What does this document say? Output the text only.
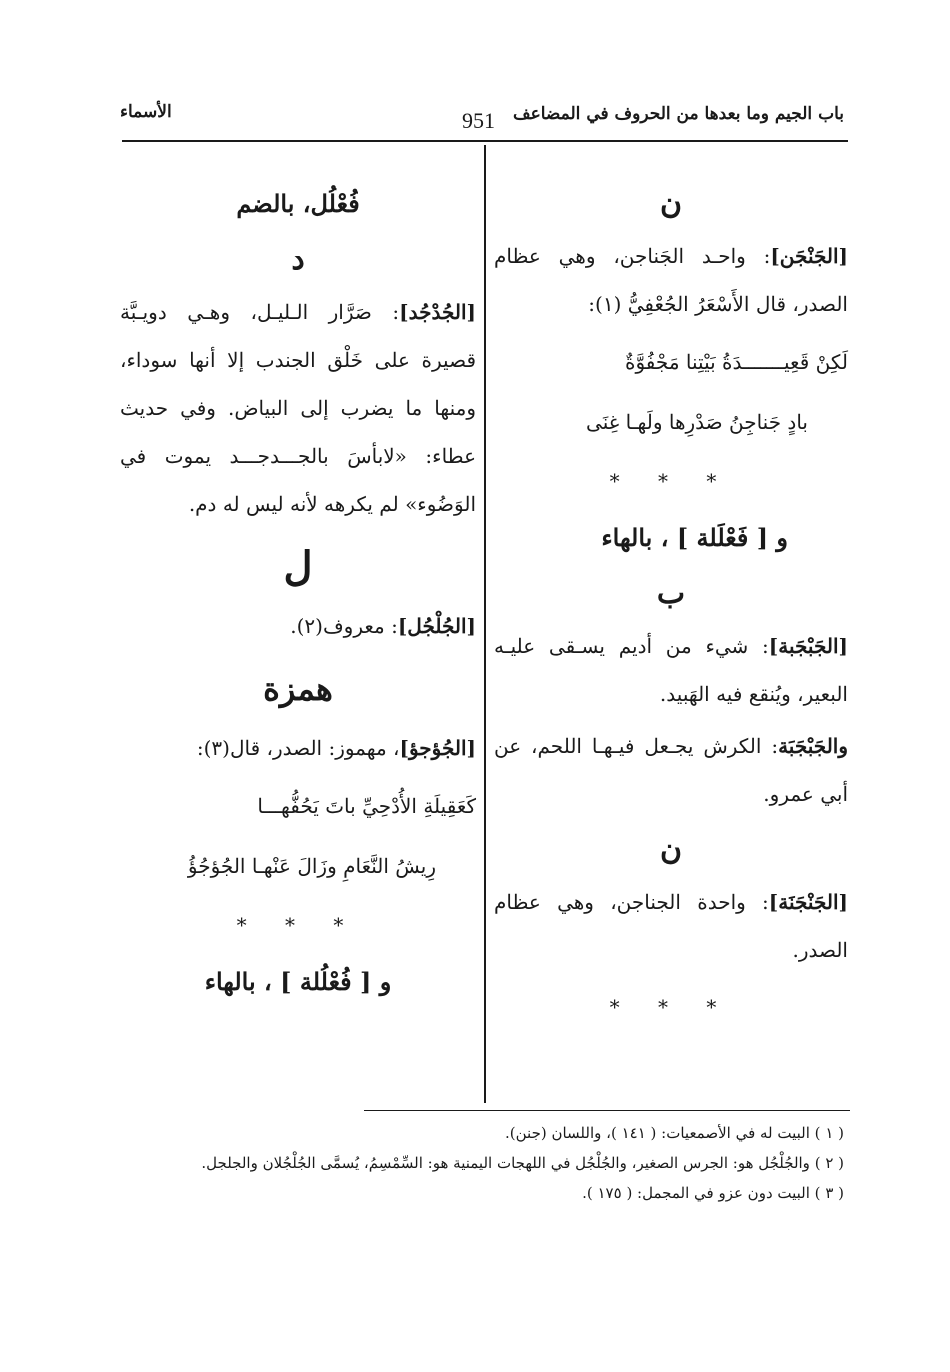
باب الجيم وما بعدها من الحروف في المضاعف
951
الأسماء
ن

[الجَنْجَن]: واحـد الجَناجن، وهي عظام الصدر، قال الأَسْعَرُ الجُعْفِيُّ (١):

لَكِنْ قَعِيـــــــدَةُ بَيْتِنا مَجْفُوَّةٌ
بادٍ جَناجِنُ صَدْرِها ولَهـا غِنَى
* * *
و [ فَعْلَلة ] ، بالهاء
ب

[الجَبْجَبة]: شيء من أديم يسـقى عليـه البعير، ويُنقع فيه الهَبيد.

والجَبْجَبَة: الكرش يجـعل فيـهـا اللحم، عن أبي عمرو.

ن

[الجَنْجَنَة]: واحدة الجناجن، وهي عظام الصدر.

* * *
فُعْلُل، بالضم
د

[الجُدْجُد]: صَرَّار الـليـل، وهـي دويـبَّة قصيرة على خَلْق الجندب إلا أنها سوداء، ومنها ما يضرب إلى البياض. وفي حديث عطاء: «لابأسَ بالجـــدجـــد يموت في الوَضُوء» لم يكرهه لأنه ليس له دم.

ل

[الجُلْجُل]: معروف(٢).

همزة

[الجُؤجؤ]، مهموز: الصدر، قال(٣):

كَعَقِيلَةِ الأُدْحِيِّ باتَ يَحُفُّهـــا
رِيشُ النَّعَامِ وزَالَ عَنْهـا الجُؤجُؤُ
* * *
و [ فُعْلُلة ] ، بالهاء
( ١ ) البيت له في الأصمعيات: ( ١٤١ )، واللسان (جنن).
( ٢ ) والجُلْجُل هو: الجرس الصغير، والجُلْجُل في اللهجات اليمنية هو: السِّمْسِمُ، يُسمَّى الجُلْجُلان والجلجل.
( ٣ ) البيت دون عزو في المجمل: ( ١٧٥ ).
